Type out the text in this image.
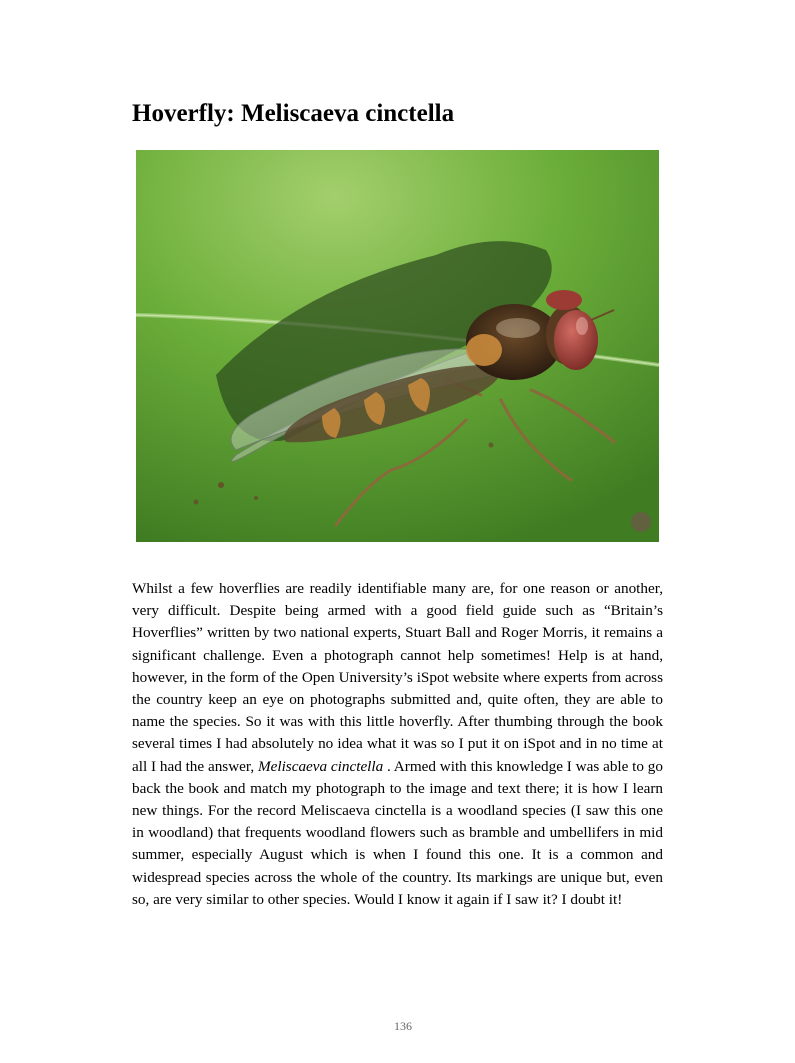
Hoverfly: Meliscaeva cinctella

Whilst a few hoverflies are readily identifiable many are, for one reason or another, very difficult. Despite being armed with a good field guide such as “Britain’s Hoverflies” written by two national experts, Stuart Ball and Roger Morris, it remains a significant challenge. Even a photograph cannot help sometimes! Help is at hand, however, in the form of the Open University’s iSpot website where experts from across the country keep an eye on photographs submitted and, quite often, they are able to name the species. So it was with this little hoverfly. After thumbing through the book several times I had absolutely no idea what it was so I put it on iSpot and in no time at all I had the answer, Meliscaeva cinctella . Armed with this knowledge I was able to go back the book and match my photograph to the image and text there; it is how I learn new things. For the record Meliscaeva cinctella is a woodland species (I saw this one in woodland) that frequents woodland flowers such as bramble and umbellifers in mid summer, especially August which is when I found this one. It is a common and widespread species across the whole of the country. Its markings are unique but, even so, are very similar to other species. Would I know it again if I saw it? I doubt it!

136
